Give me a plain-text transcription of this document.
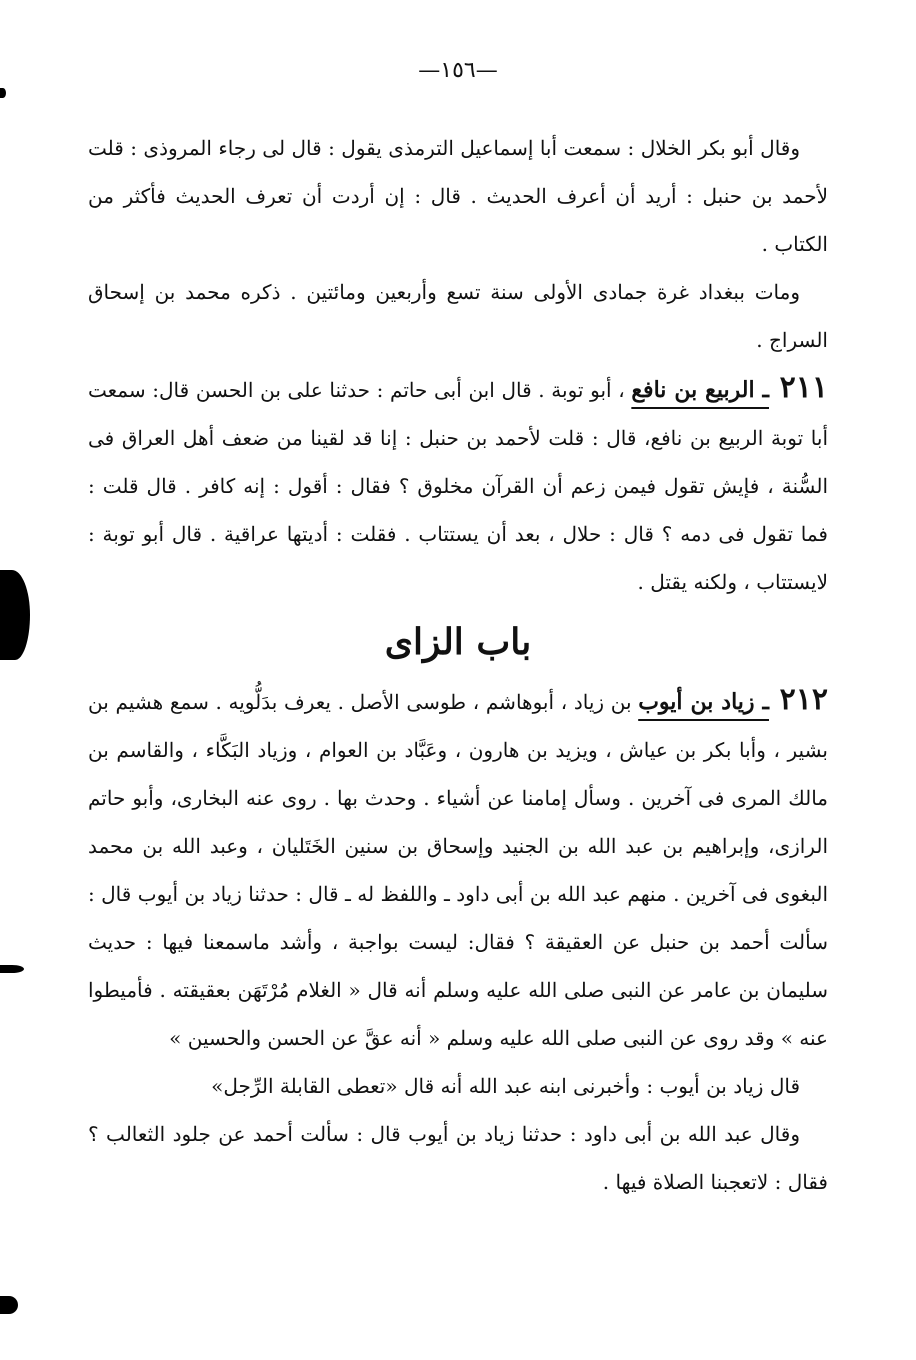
—١٥٦—

وقال أبو بكر الخلال : سمعت أبا إسماعيل الترمذى يقول : قال لى رجاء المروذى : قلت لأحمد بن حنبل : أريد أن أعرف الحديث . قال : إن أردت أن تعرف الحديث فأكثر من الكتاب .

ومات ببغداد غرة جمادى الأولى سنة تسع وأربعين ومائتين . ذكره محمد بن إسحاق السراج .

٢١١ ـ الربيع بن نافع ، أبو توبة . قال ابن أبى حاتم : حدثنا على بن الحسن قال: سمعت أبا توبة الربيع بن نافع، قال : قلت لأحمد بن حنبل : إنا قد لقينا من ضعف أهل العراق فى السُّنة ، فإيش تقول فيمن زعم أن القرآن مخلوق ؟ فقال : أقول : إنه كافر . قال قلت : فما تقول فى دمه ؟ قال : حلال ، بعد أن يستتاب . فقلت : أديتها عراقية . قال أبو توبة : لايستتاب ، ولكنه يقتل .

باب الزاى

٢١٢ ـ زياد بن أيوب بن زياد ، أبوهاشم ، طوسى الأصل . يعرف بدَلُّويه . سمع هشيم بن بشير ، وأبا بكر بن عياش ، ويزيد بن هارون ، وعَبَّاد بن العوام ، وزياد البَكَّاء ، والقاسم بن مالك المرى فى آخرين . وسأل إمامنا عن أشياء . وحدث بها . روى عنه البخارى، وأبو حاتم الرازى، وإبراهيم بن عبد الله بن الجنيد وإسحاق بن سنين الخَتَليان ، وعبد الله بن محمد البغوى فى آخرين . منهم عبد الله بن أبى داود ـ واللفظ له ـ قال : حدثنا زياد بن أيوب قال : سألت أحمد بن حنبل عن العقيقة ؟ فقال: ليست بواجبة ، وأشد ماسمعنا فيها : حديث سليمان بن عامر عن النبى صلى الله عليه وسلم أنه قال « الغلام مُرْتَهَن بعقيقته . فأميطوا عنه » وقد روى عن النبى صلى الله عليه وسلم « أنه عقَّ عن الحسن والحسين »

قال زياد بن أيوب : وأخبرنى ابنه عبد الله أنه قال «تعطى القابلة الرِّجل»

وقال عبد الله بن أبى داود : حدثنا زياد بن أيوب قال : سألت أحمد عن جلود الثعالب ؟ فقال : لاتعجبنا الصلاة فيها .
